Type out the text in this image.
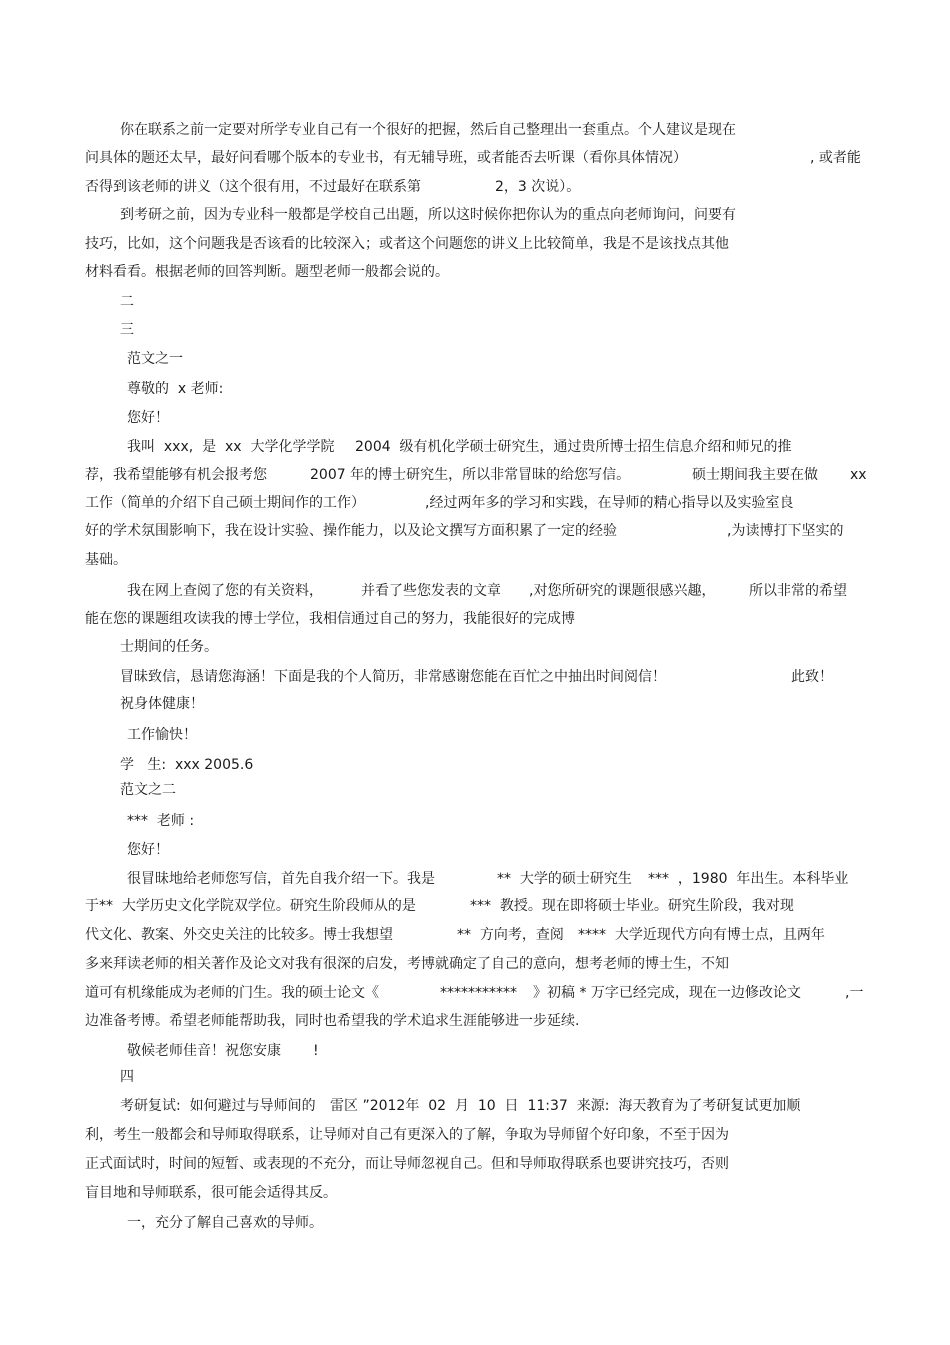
你在联系之前一定要对所学专业自己有一个很好的把握，然后自己整理出一套重点。个人建议是现在
问具体的题还太早，最好问看哪个版本的专业书，有无辅导班，或者能否去听课（看你具体情况）	, 或者能
否得到该老师的讲义（这个很有用，不过最好在联系第	2，3 次说）。
到考研之前，因为专业科一般都是学校自己出题，所以这时候你把你认为的重点向老师询问，问要有
技巧，比如，这个问题我是否该看的比较深入；或者这个问题您的讲义上比较简单，我是不是该找点其他
材料看看。根据老师的回答判断。题型老师一般都会说的。
二
三
范文之一
尊敬的  x 老师:
您好！
我叫  xxx,  是  xx  大学化学学院 2004  级有机化学硕士研究生，通过贵所博士招生信息介绍和师兄的推
荐，我希望能够有机会报考您	2007 年的博士研究生，所以非常冒昧的给您写信。	硕士期间我主要在做 xx
工作（简单的介绍下自己硕士期间作的工作）	,经过两年多的学习和实践，在导师的精心指导以及实验室良
好的学术氛围影响下，我在设计实验、操作能力，以及论文撰写方面积累了一定的经验	,为读博打下坚实的
基础。
我在网上查阅了您的有关资料，	并看了些您发表的文章 ,对您所研究的课题很感兴趣， 所以非常的希望
能在您的课题组攻读我的博士学位，我相信通过自己的努力，我能很好的完成博
士期间的任务。
冒昧致信，恳请您海涵！下面是我的个人简历，非常感谢您能在百忙之中抽出时间阅信！	此致！
祝身体健康！
工作愉快！
学   生:  xxx 2005.6
范文之二
***  老师 :
您好！
很冒昧地给老师您写信，首先自我介绍一下。我是	**  大学的硕士研究生 ***  ，1980  年出生。本科毕业
于**  大学历史文化学院双学位。研究生阶段师从的是	***  教授。现在即将硕士毕业。研究生阶段，我对现
代文化、教案、外交史关注的比较多。博士我想望	**  方向考，查阅 ****  大学近现代方向有博士点，且两年
多来拜读老师的相关著作及论文对我有很深的启发，考博就确定了自己的意向，想考老师的博士生，不知
道可有机缘能成为老师的门生。我的硕士论文《	*********** 》初稿 * 万字已经完成，现在一边修改论文	,一
边准备考博。希望老师能帮助我，同时也希望我的学术追求生涯能够进一步延续.
敬候老师佳音！祝您安康 !
四
考研复试:  如何避过与导师间的 雷区 ”2012年  02  月  10  日  11:37  来源:  海天教育为了考研复试更加顺
利，考生一般都会和导师取得联系，让导师对自己有更深入的了解，争取为导师留个好印象，不至于因为
正式面试时，时间的短暂、或表现的不充分，而让导师忽视自己。但和导师取得联系也要讲究技巧，否则
盲目地和导师联系，很可能会适得其反。
一，充分了解自己喜欢的导师。
